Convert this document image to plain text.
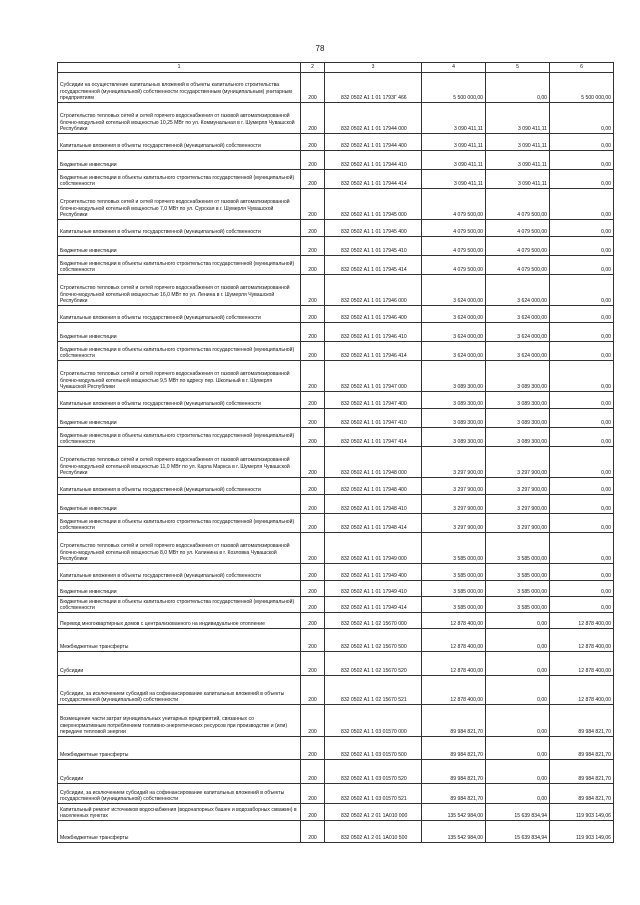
78
1	2	3	4	5	6
Субсидии на осуществление капитальных вложений в объекты капитального строительства государственной (муниципальной) собственности государственным (муниципальным) унитарным предприятиям	200	832 0502 А1 1 01 1793Г 466	5 500 000,00	0,00	5 500 000,00
Строительство тепловых сетей и сетей горячего водоснабжения от газовой автоматизированной блочно-модульной котельной мощностью 10,25 МВт по ул. Коммунальная в г. Шумерля Чувашской Республики	200	832 0502 А1 1 01 17944 000	3 090 411,11	3 090 411,11	0,00
Капитальные вложения в объекты государственной (муниципальной) собственности	200	832 0502 А1 1 01 17944 400	3 090 411,11	3 090 411,11	0,00
Бюджетные инвестиции	200	832 0502 А1 1 01 17944 410	3 090 411,11	3 090 411,11	0,00
Бюджетные инвестиции в объекты капитального строительства государственной (муниципальной) собственности	200	832 0502 А1 1 01 17944 414	3 090 411,11	3 090 411,11	0,00
Строительство тепловых сетей и сетей горячего водоснабжения от газовой автоматизированной блочно-модульной котельной мощностью 7,0 МВт по ул. Сурская в г. Шумерля Чувашской Республики	200	832 0502 А1 1 01 17945 000	4 079 500,00	4 079 500,00	0,00
Капитальные вложения в объекты государственной (муниципальной) собственности	200	832 0502 А1 1 01 17945 400	4 079 500,00	4 079 500,00	0,00
Бюджетные инвестиции	200	832 0502 А1 1 01 17945 410	4 079 500,00	4 079 500,00	0,00
Бюджетные инвестиции в объекты капитального строительства государственной (муниципальной) собственности	200	832 0502 А1 1 01 17945 414	4 079 500,00	4 079 500,00	0,00
Строительство тепловых сетей и сетей горячего водоснабжения от газовой автоматизированной блочно-модульной котельной мощностью 16,0 МВт по ул. Ленина в г. Шумерля Чувашской Республики	200	832 0502 А1 1 01 17946 000	3 624 000,00	3 624 000,00	0,00
Капитальные вложения в объекты государственной (муниципальной) собственности	200	832 0502 А1 1 01 17946 400	3 624 000,00	3 624 000,00	0,00
Бюджетные инвестиции	200	832 0502 А1 1 01 17946 410	3 624 000,00	3 624 000,00	0,00
Бюджетные инвестиции в объекты капитального строительства государственной (муниципальной) собственности	200	832 0502 А1 1 01 17946 414	3 624 000,00	3 624 000,00	0,00
Строительство тепловых сетей и сетей горячего водоснабжения от газовой автоматизированной блочно-модульной котельной мощностью 9,5 МВт по адресу пер. Школьный в г. Шумерля Чувашской Республики	200	832 0502 А1 1 01 17947 000	3 089 300,00	3 089 300,00	0,00
Капитальные вложения в объекты государственной (муниципальной) собственности	200	832 0502 А1 1 01 17947 400	3 089 300,00	3 089 300,00	0,00
Бюджетные инвестиции	200	832 0502 А1 1 01 17947 410	3 089 300,00	3 089 300,00	0,00
Бюджетные инвестиции в объекты капитального строительства государственной (муниципальной) собственности	200	832 0502 А1 1 01 17947 414	3 089 300,00	3 089 300,00	0,00
Строительство тепловых сетей и сетей горячего водоснабжения от газовой автоматизированной блочно-модульной котельной мощностью 11,0 МВт по ул. Карла Маркса в г. Шумерля Чувашской Республики	200	832 0502 А1 1 01 17948 000	3 297 900,00	3 297 900,00	0,00
Капитальные вложения в объекты государственной (муниципальной) собственности	200	832 0502 А1 1 01 17948 400	3 297 900,00	3 297 900,00	0,00
Бюджетные инвестиции	200	832 0502 А1 1 01 17948 410	3 297 900,00	3 297 900,00	0,00
Бюджетные инвестиции в объекты капитального строительства государственной (муниципальной) собственности	200	832 0502 А1 1 01 17948 414	3 297 900,00	3 297 900,00	0,00
Строительство тепловых сетей и сетей горячего водоснабжения от газовой автоматизированной блочно-модульной котельной мощностью 8,0 МВт по ул. Калинина в г. Козловка Чувашской Республики	200	832 0502 А1 1 01 17949 000	3 585 000,00	3 585 000,00	0,00
Капитальные вложения в объекты государственной (муниципальной) собственности	200	832 0502 А1 1 01 17949 400	3 585 000,00	3 585 000,00	0,00
Бюджетные инвестиции	200	832 0502 А1 1 01 17949 410	3 585 000,00	3 585 000,00	0,00
Бюджетные инвестиции в объекты капитального строительства государственной (муниципальной) собственности	200	832 0502 А1 1 01 17949 414	3 585 000,00	3 585 000,00	0,00
Перевод многоквартирных домов с централизованного на индивидуальное отопление	200	832 0502 А1 1 02 15670 000	12 878 400,00	0,00	12 878 400,00
Межбюджетные трансферты	200	832 0502 А1 1 02 15670 500	12 878 400,00	0,00	12 878 400,00
Субсидии	200	832 0502 А1 1 02 15670 520	12 878 400,00	0,00	12 878 400,00
Субсидии, за исключением субсидий на софинансирование капитальных вложений в объекты государственной (муниципальной) собственности	200	832 0502 А1 1 02 15670 521	12 878 400,00	0,00	12 878 400,00
Возмещение части затрат муниципальных унитарных предприятий, связанных со сверхнормативным потреблением топливно-энергетических ресурсов при производстве и (или) передаче тепловой энергии	200	832 0502 А1 1 03 01570 000	89 984 821,70	0,00	89 984 821,70
Межбюджетные трансферты	200	832 0502 А1 1 03 01570 500	89 984 821,70	0,00	89 984 821,70
Субсидии	200	832 0502 А1 1 03 01570 520	89 984 821,70	0,00	89 984 821,70
Субсидии, за исключением субсидий на софинансирование капитальных вложений в объекты государственной (муниципальной) собственности	200	832 0502 А1 1 03 01570 521	89 984 821,70	0,00	89 984 821,70
Капитальный ремонт источников водоснабжения (водонапорных башен и водозаборных скважин) в населенных пунктах	200	832 0502 А1 2 01 1А010 000	135 542 984,00	15 639 834,94	119 903 149,06
Межбюджетные трансферты	200	832 0502 А1 2 01 1А010 500	135 542 984,00	15 639 834,94	119 903 149,06
